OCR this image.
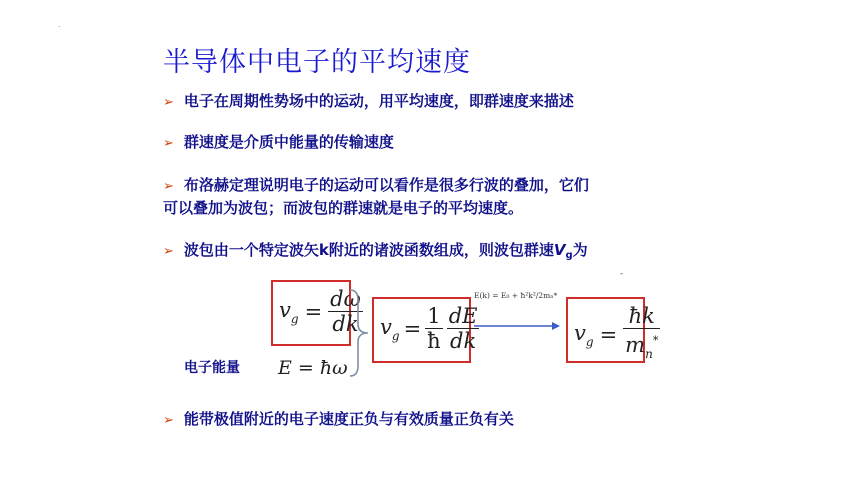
.
半导体中电子的平均速度
➢ 电子在周期性势场中的运动，用平均速度，即群速度来描述
➢ 群速度是介质中能量的传输速度
➢ 布洛赫定理说明电子的运动可以看作是很多行波的叠加，它们
可以叠加为波包；而波包的群速就是电子的平均速度。
➢ 波包由一个特定波矢k附近的诸波函数组成，则波包群速$V_g$为
-
$v_g = \frac{d\omega}{dk} v_g = \frac{1}{ħ} \frac{dE}{dk}$
E(k) = E₀ + ħ²k²/2mₙ*
$v_g = \frac{ħk}{m_n^*}$
电子能量 E = ħω
➢ 能带极值附近的电子速度正负与有效质量正负有关
